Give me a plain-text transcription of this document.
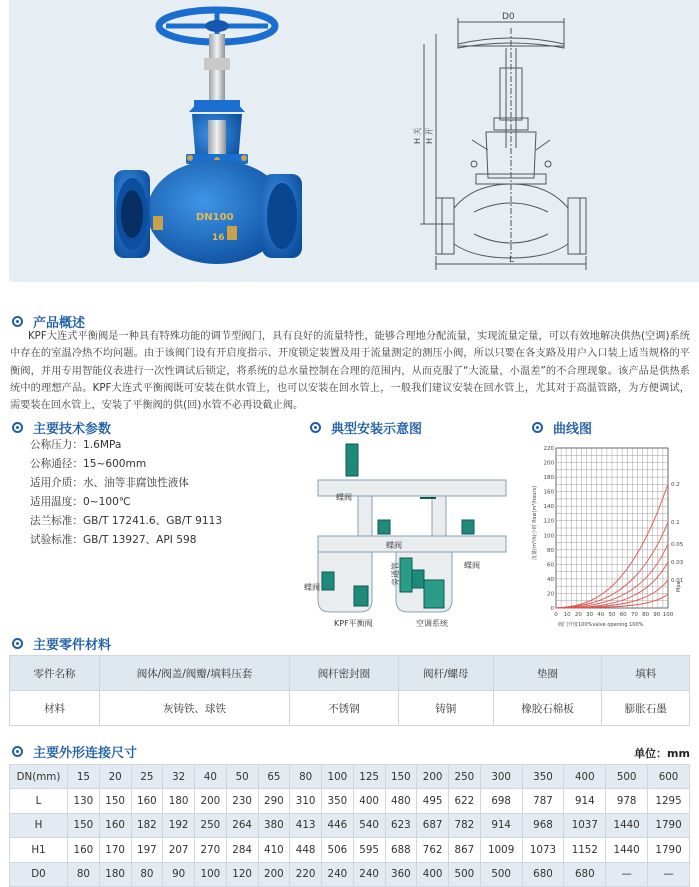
DN100
16
D0
H 关 H 开
L
产品概述

KPF大连式平衡阀是一种具有特殊功能的调节型阀门，具有良好的流量特性，能够合理地分配流量，实现流量定量，可以有效地解决供热(空调)系统中存在的室温冷热不均问题。由于该阀门设有开启度指示、开度锁定装置及用于流量测定的测压小阀，所以只要在各支路及用户入口装上适当规格的平衡阀，并用专用智能仪表进行一次性调试后锁定，将系统的总水量控制在合理的范围内，从而克服了“大流量，小温差”的不合理现象。该产品是供热系统中的理想产品。KPF大连式平衡阀既可安装在供水管上，也可以安装在回水管上，一般我们建议安装在回水管上，尤其对于高温管路，为方便调试，需要装在回水管上，安装了平衡阀的供(回)水管不必再设截止阀。

主要技术参数
公称压力：1.6MPa
公称通径：15~600mm
适用介质：水、油等非腐蚀性液体
适用温度：0~100℃
法兰标准：GB/T 17241.6、GB/T 9113
试验标准：GB/T 13927、API 598
典型安装示意图
蝶阀
蝶阀
蝶阀
蝶阀
旁通管
KPF平衡阀	空调系统
曲线图
220
200
180
160
140
120
100
80
60
40
20
0
0 10 20 30 40 50 60 70 80 90 100
0.2
0.1
0.05
0.03
0.01
流量(m³/h)小时 flow(m³/hours)
阀门开度100%valve opening 100%
Mpa
主要零件材料
零件名称	阀体/阀盖/阀瓣/填料压套	阀杆密封圈	阀杆/螺母	垫圈	填料
材料	灰铸铁、球铁	不锈钢	铸铜	橡胶石棉板	膨胀石墨
主要外形连接尺寸	单位：mm
DN(mm)	15	20	25	32	40	50	65	80	100	125	150	200	250	300	350	400	500	600
L	130	150	160	180	200	230	290	310	350	400	480	495	622	698	787	914	978	1295
H	150	160	182	192	250	264	380	413	446	540	623	687	782	914	968	1037	1440	1790
H1	160	170	197	207	270	284	410	448	506	595	688	762	867	1009	1073	1152	1440	1790
D0	80	180	80	90	100	120	200	220	240	240	360	400	500	500	680	680	—	—
